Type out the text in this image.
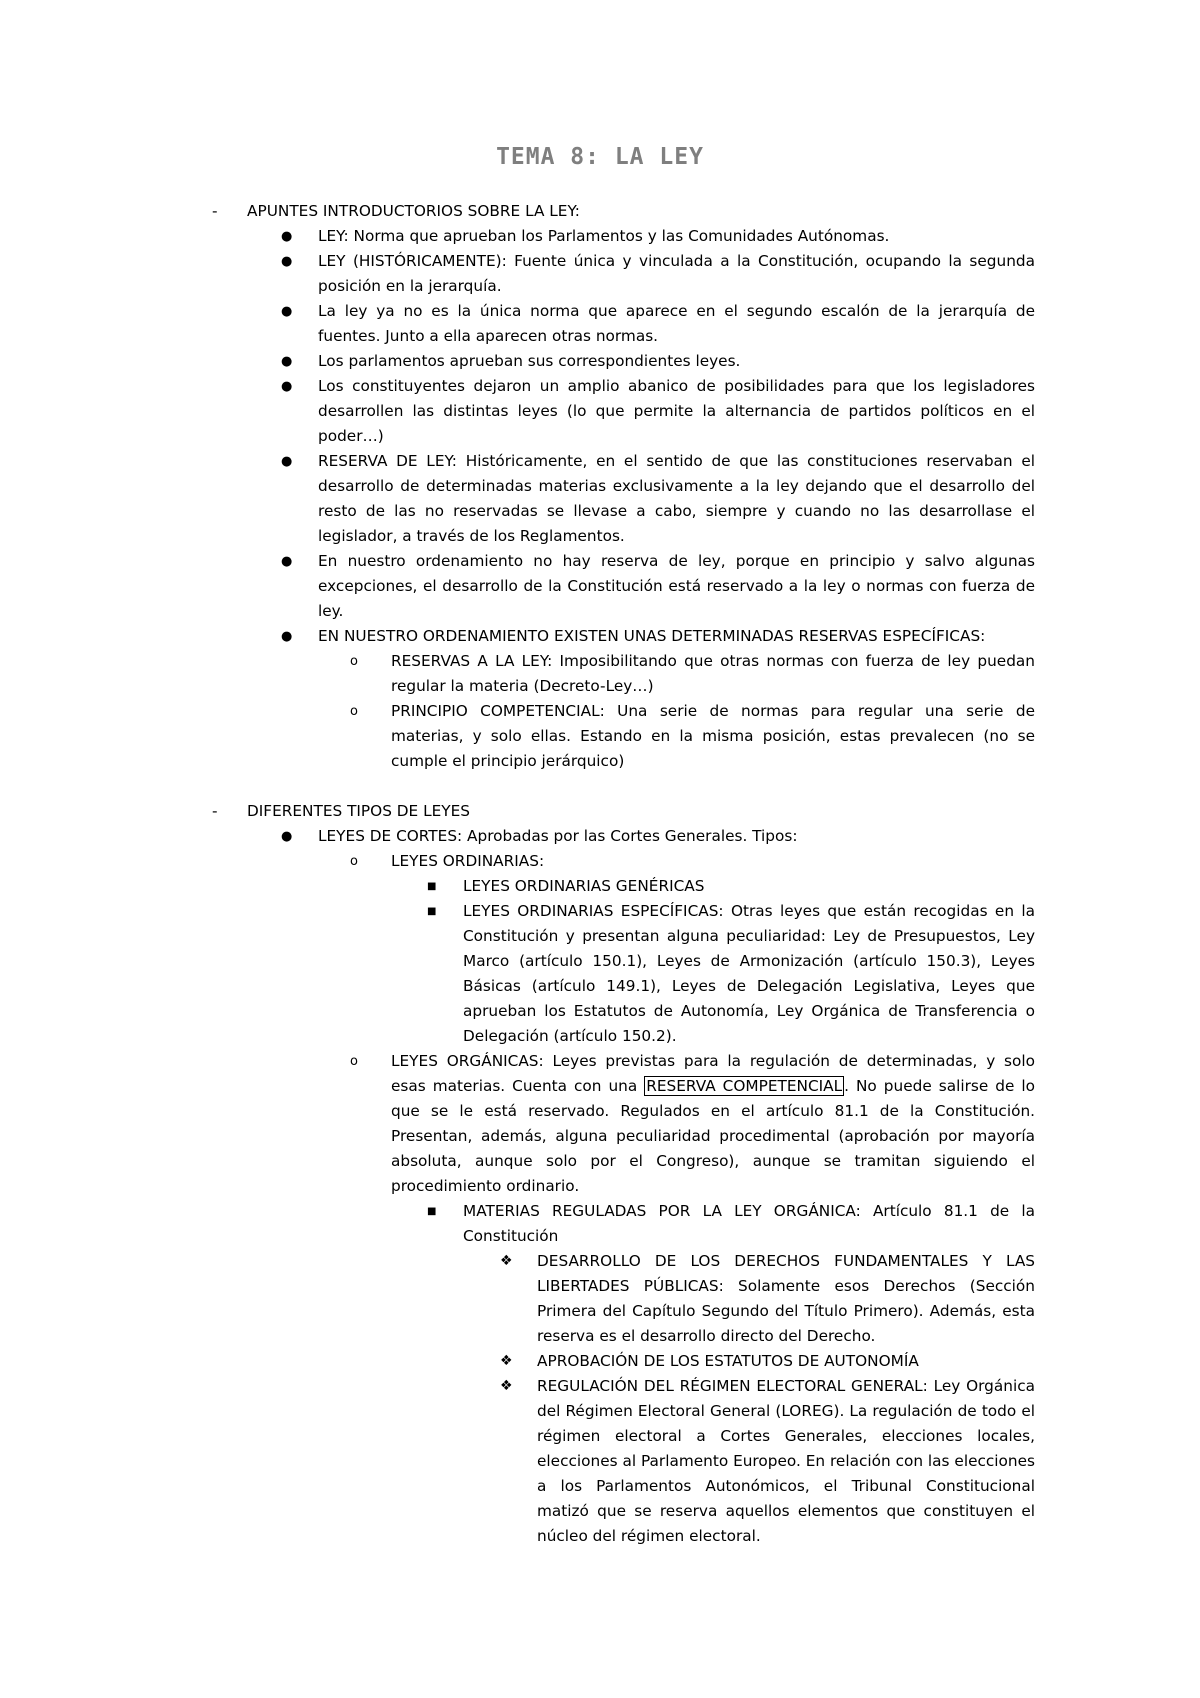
TEMA 8: LA LEY
- APUNTES INTRODUCTORIOS SOBRE LA LEY:
● LEY: Norma que aprueban los Parlamentos y las Comunidades Autónomas.
● LEY (HISTÓRICAMENTE): Fuente única y vinculada a la Constitución, ocupando la segunda posición en la jerarquía.
● La ley ya no es la única norma que aparece en el segundo escalón de la jerarquía de fuentes. Junto a ella aparecen otras normas.
● Los parlamentos aprueban sus correspondientes leyes.
● Los constituyentes dejaron un amplio abanico de posibilidades para que los legisladores desarrollen las distintas leyes (lo que permite la alternancia de partidos políticos en el poder…)
● RESERVA DE LEY: Históricamente, en el sentido de que las constituciones reservaban el desarrollo de determinadas materias exclusivamente a la ley dejando que el desarrollo del resto de las no reservadas se llevase a cabo, siempre y cuando no las desarrollase el legislador, a través de los Reglamentos.
● En nuestro ordenamiento no hay reserva de ley, porque en principio y salvo algunas excepciones, el desarrollo de la Constitución está reservado a la ley o normas con fuerza de ley.
● EN NUESTRO ORDENAMIENTO EXISTEN UNAS DETERMINADAS RESERVAS ESPECÍFICAS:
o RESERVAS A LA LEY: Imposibilitando que otras normas con fuerza de ley puedan regular la materia (Decreto-Ley…)
o PRINCIPIO COMPETENCIAL: Una serie de normas para regular una serie de materias, y solo ellas. Estando en la misma posición, estas prevalecen (no se cumple el principio jerárquico)
- DIFERENTES TIPOS DE LEYES
● LEYES DE CORTES: Aprobadas por las Cortes Generales. Tipos:
o LEYES ORDINARIAS:
■ LEYES ORDINARIAS GENÉRICAS
■ LEYES ORDINARIAS ESPECÍFICAS: Otras leyes que están recogidas en la Constitución y presentan alguna peculiaridad: Ley de Presupuestos, Ley Marco (artículo 150.1), Leyes de Armonización (artículo 150.3), Leyes Básicas (artículo 149.1), Leyes de Delegación Legislativa, Leyes que aprueban los Estatutos de Autonomía, Ley Orgánica de Transferencia o Delegación (artículo 150.2).
o LEYES ORGÁNICAS: Leyes previstas para la regulación de determinadas, y solo esas materias. Cuenta con una RESERVA COMPETENCIAL . No puede salirse de lo que se le está reservado. Regulados en el artículo 81.1 de la Constitución. Presentan, además, alguna peculiaridad procedimental (aprobación por mayoría absoluta, aunque solo por el Congreso), aunque se tramitan siguiendo el procedimiento ordinario.
■ MATERIAS REGULADAS POR LA LEY ORGÁNICA: Artículo 81.1 de la Constitución
❖ DESARROLLO DE LOS DERECHOS FUNDAMENTALES Y LAS LIBERTADES PÚBLICAS: Solamente esos Derechos (Sección Primera del Capítulo Segundo del Título Primero). Además, esta reserva es el desarrollo directo del Derecho.
❖ APROBACIÓN DE LOS ESTATUTOS DE AUTONOMÍA
❖ REGULACIÓN DEL RÉGIMEN ELECTORAL GENERAL: Ley Orgánica del Régimen Electoral General (LOREG). La regulación de todo el régimen electoral a Cortes Generales, elecciones locales, elecciones al Parlamento Europeo. En relación con las elecciones a los Parlamentos Autonómicos, el Tribunal Constitucional matizó que se reserva aquellos elementos que constituyen el núcleo del régimen electoral.
